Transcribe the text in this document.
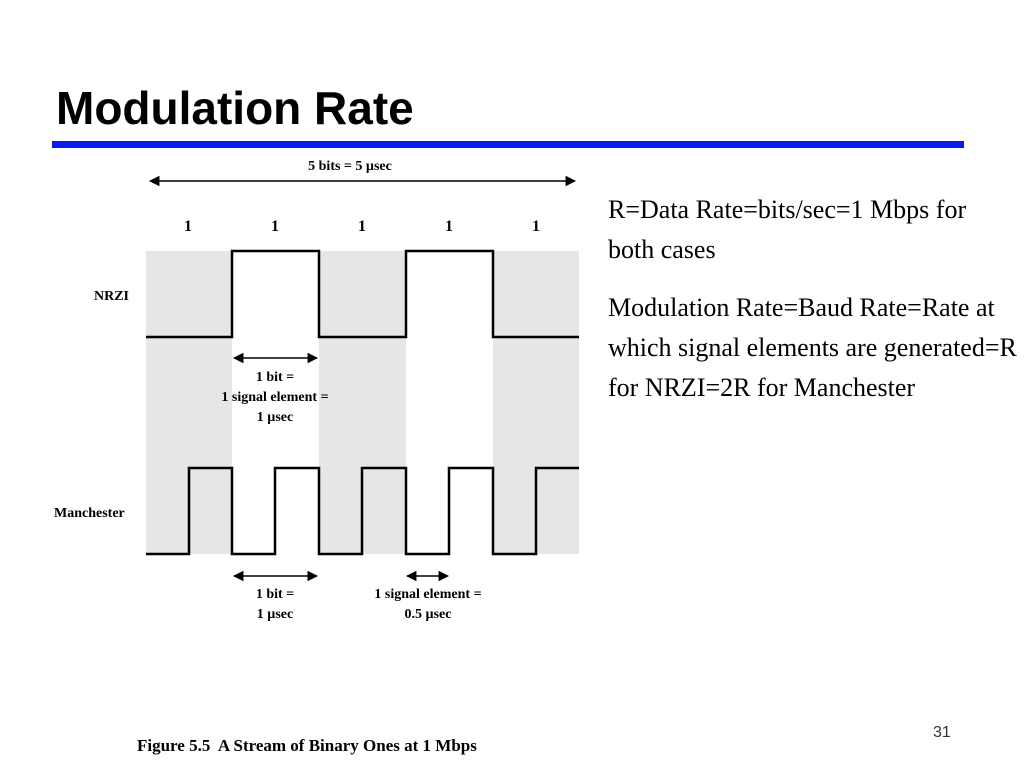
Modulation Rate
5 bits = 5 µsec
1	1	1	1	1
NRZI
1 bit =
1 signal element =
1 µsec
Manchester
1 bit =
1 µsec
1 signal element =
0.5 µsec

R=Data Rate=bits/sec=1 Mbps for both cases

Modulation Rate=Baud Rate=Rate at which signal elements are generated=R for NRZI=2R for Manchester

Figure 5.5  A Stream of Binary Ones at 1 Mbps
31
